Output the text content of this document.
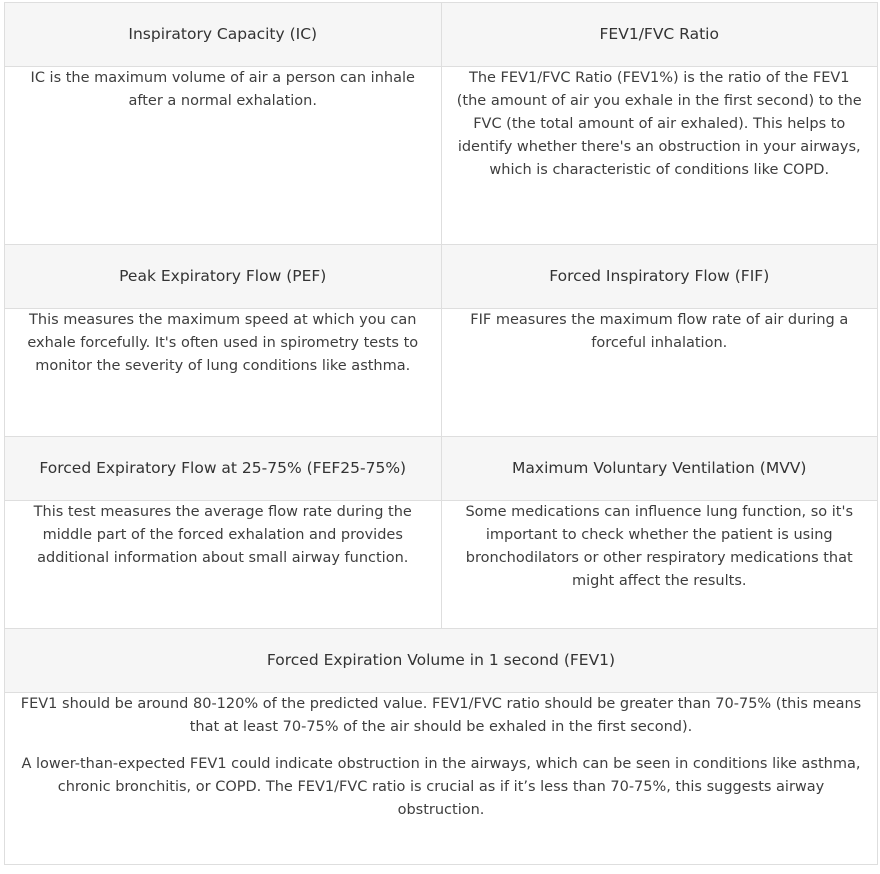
Inspiratory Capacity (IC)	FEV1/FVC Ratio
IC is the maximum volume of air a person can inhale after a normal exhalation.	The FEV1/FVC Ratio (FEV1%) is the ratio of the FEV1 (the amount of air you exhale in the first second) to the FVC (the total amount of air exhaled). This helps to identify whether there's an obstruction in your airways, which is characteristic of conditions like COPD.
Peak Expiratory Flow (PEF)	Forced Inspiratory Flow (FIF)
This measures the maximum speed at which you can exhale forcefully. It's often used in spirometry tests to monitor the severity of lung conditions like asthma.	FIF measures the maximum flow rate of air during a forceful inhalation.
Forced Expiratory Flow at 25-75% (FEF25-75%)	Maximum Voluntary Ventilation (MVV)
This test measures the average flow rate during the middle part of the forced exhalation and provides additional information about small airway function.	Some medications can influence lung function, so it's important to check whether the patient is using bronchodilators or other respiratory medications that might affect the results.
Forced Expiration Volume in 1 second (FEV1)	

FEV1 should be around 80-120% of the predicted value. FEV1/FVC ratio should be greater than 70-75% (this means that at least 70-75% of the air should be exhaled in the first second).

A lower-than-expected FEV1 could indicate obstruction in the airways, which can be seen in conditions like asthma, chronic bronchitis, or COPD. The FEV1/FVC ratio is crucial as if it’s less than 70-75%, this suggests airway obstruction.	
